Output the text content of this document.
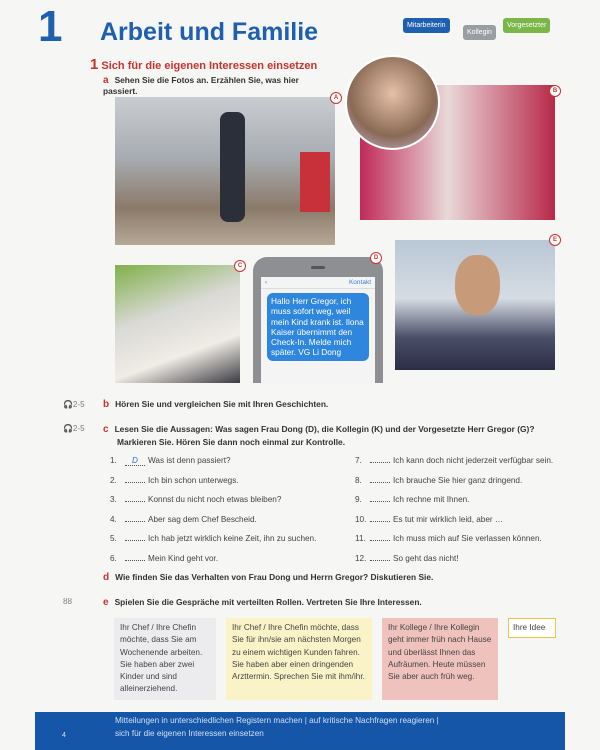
1 Arbeit und Familie	Mitarbeiterin
Kollegin
Vorgesetzter
1 Sich für die eigenen Interessen einsetzen
a Sehen Sie die Fotos an. Erzählen Sie, was hier passiert.
A
B
C
‹	Kontakt
Hallo Herr Gregor, ich muss sofort weg, weil mein Kind krank ist. Ilona Kaiser übernimmt den Check-In. Melde mich später. VG Li Dong
D
E
🎧2-5 b Hören Sie und vergleichen Sie mit Ihren Geschichten.
🎧2-5 c Lesen Sie die Aussagen: Was sagen Frau Dong (D), die Kollegin (K) und der Vorgesetzte Herr Gregor (G)? Markieren Sie. Hören Sie dann noch einmal zur Kontrolle.
1. D Was ist denn passiert?
2.	Ich bin schon unterwegs.
3.	Konnst du nicht noch etwas bleiben?
4.	Aber sag dem Chef Bescheid.
5.	Ich hab jetzt wirklich keine Zeit, ihn zu suchen.
6.	Mein Kind geht vor.
7.	Ich kann doch nicht jederzeit verfügbar sein.
8.	Ich brauche Sie hier ganz dringend.
9.	Ich rechne mit Ihnen.
10.	Es tut mir wirklich leid, aber …
11.	Ich muss mich auf Sie verlassen können.
12.	So geht das nicht!
d Wie finden Sie das Verhalten von Frau Dong und Herrn Gregor? Diskutieren Sie.
ȣȣ	e Spielen Sie die Gespräche mit verteilten Rollen. Vertreten Sie Ihre Interessen.
Ihr Chef / Ihre Chefin möchte, dass Sie am Wochenende arbeiten. Sie haben aber zwei Kinder und sind alleinerziehend.
Ihr Chef / Ihre Chefin möchte, dass Sie für ihn/sie am nächsten Morgen zu einem wichtigen Kunden fahren. Sie haben aber einen dringenden Arzttermin. Sprechen Sie mit ihm/ihr.
Ihr Kollege / Ihre Kollegin geht immer früh nach Hause und überlässt Ihnen das Aufräumen. Heute müssen Sie aber auch früh weg.
Ihre Idee
4
Mitteilungen in unterschiedlichen Registern machen | auf kritische Nachfragen reagieren |
sich für die eigenen Interessen einsetzen
